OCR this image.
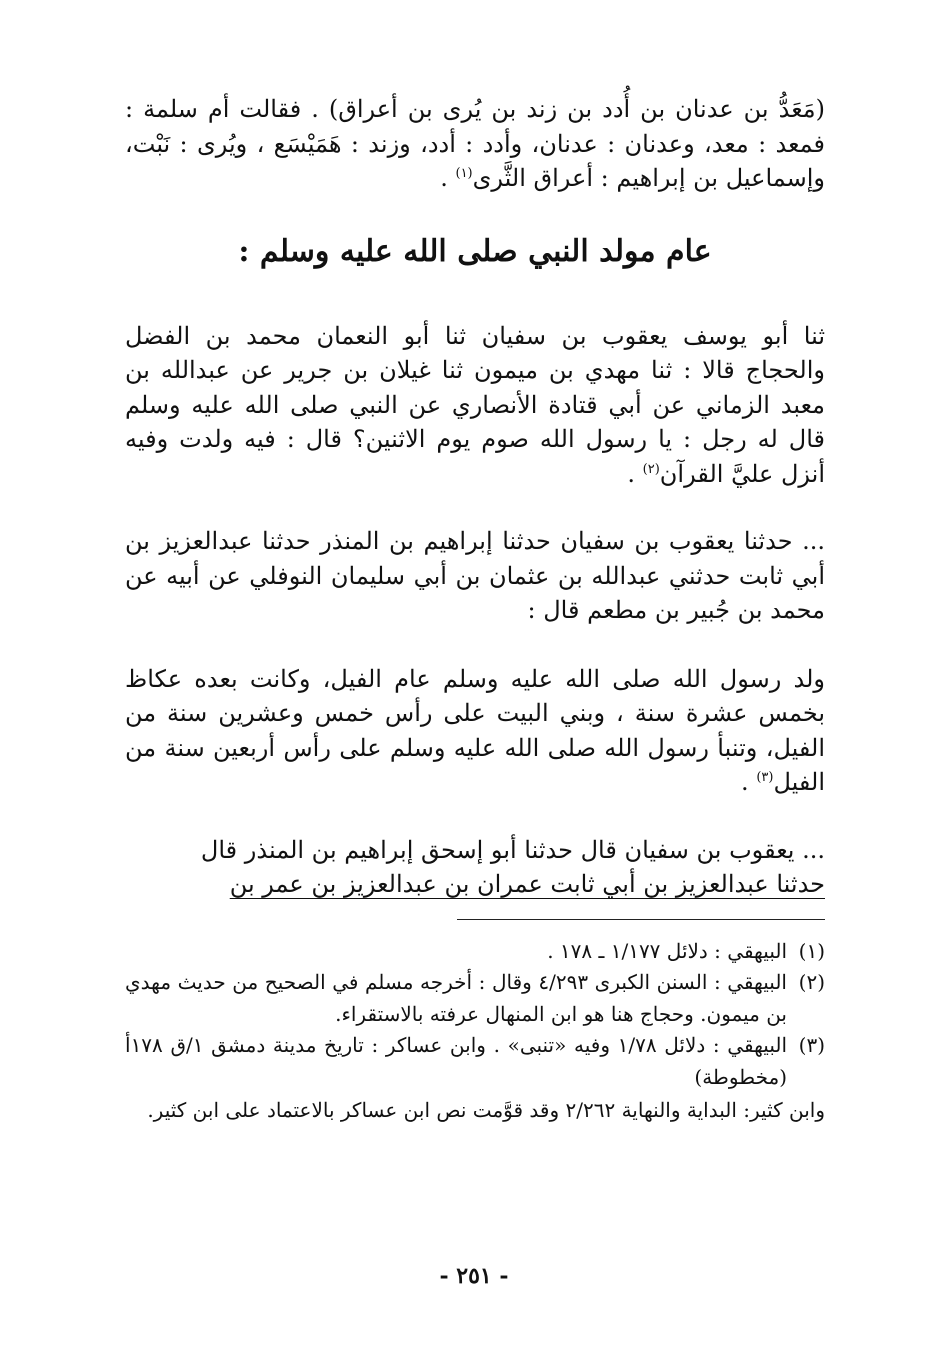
(مَعَدُّ بن عدنان بن أُدد بن زند بن يُرى بن أعراق) . فقالت أم سلمة : فمعد : معد، وعدنان : عدنان، وأدد : أدد، وزند : هَمَيْسَع ، ويُرى : نَبْت، وإسماعيل بن إبراهيم : أعراق الثَّرى$^{(١)}$ .

عام مولد النبي صلى الله عليه وسلم :

ثنا أبو يوسف يعقوب بن سفيان ثنا أبو النعمان محمد بن الفضل والحجاج قالا : ثنا مهدي بن ميمون ثنا غيلان بن جرير عن عبدالله بن معبد الزماني عن أبي قتادة الأنصاري عن النبي صلى الله عليه وسلم قال له رجل : يا رسول الله صوم يوم الاثنين؟ قال : فيه ولدت وفيه أنزل عليَّ القرآن$^{(٢)}$ .

... حدثنا يعقوب بن سفيان حدثنا إبراهيم بن المنذر حدثنا عبدالعزيز بن أبي ثابت حدثني عبدالله بن عثمان بن أبي سليمان النوفلي عن أبيه عن محمد بن جُبير بن مطعم قال :

ولد رسول الله صلى الله عليه وسلم عام الفيل، وكانت بعده عكاظ بخمس عشرة سنة ، وبني البيت على رأس خمس وعشرين سنة من الفيل، وتنبأ رسول الله صلى الله عليه وسلم على رأس أربعين سنة من الفيل$^{(٣)}$ .

... يعقوب بن سفيان قال حدثنا أبو إسحق إبراهيم بن المنذر قال
حدثنا عبدالعزيز بن أبي ثابت عمران بن عبدالعزيز بن عمر بن

(١)
البيهقي : دلائل ١/١٧٧ ـ ١٧٨ .
(٢)
البيهقي : السنن الكبرى ٤/٢٩٣ وقال : أخرجه مسلم في الصحيح من حديث مهدي بن ميمون. وحجاج هنا هو ابن المنهال عرفته بالاستقراء.
(٣)
البيهقي : دلائل ١/٧٨ وفيه «تنبى» . وابن عساكر : تاريخ مدينة دمشق ١/ق ١٧٨أ (مخطوطة)

وابن كثير: البداية والنهاية ٢/٢٦٢ وقد قوَّمت نص ابن عساكر بالاعتماد على ابن كثير.

- ٢٥١ -
